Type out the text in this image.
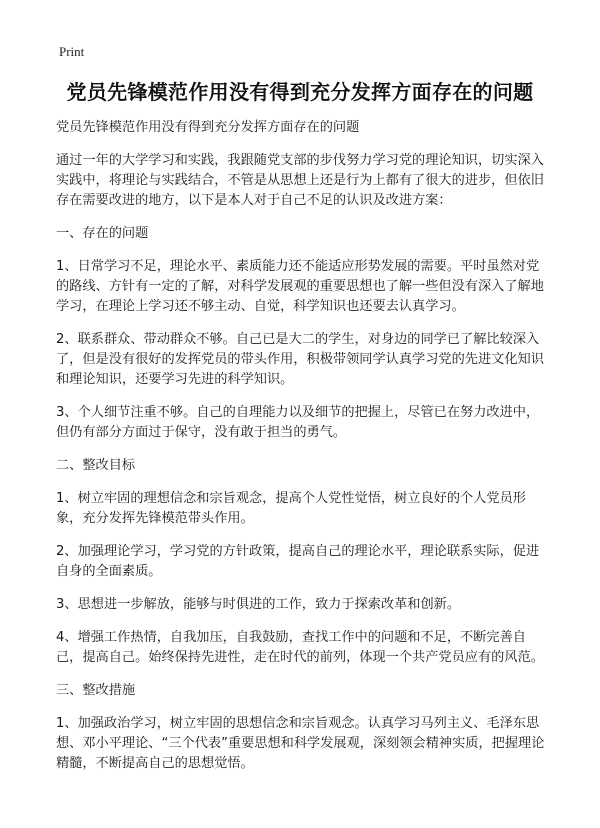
Print
党员先锋模范作用没有得到充分发挥方面存在的问题

党员先锋模范作用没有得到充分发挥方面存在的问题

通过一年的大学学习和实践，我跟随党支部的步伐努力学习党的理论知识，切实深入实践中，将理论与实践结合，不管是从思想上还是行为上都有了很大的进步，但依旧存在需要改进的地方，以下是本人对于自己不足的认识及改进方案：

一、存在的问题

1、日常学习不足，理论水平、素质能力还不能适应形势发展的需要。平时虽然对党的路线、方针有一定的了解，对科学发展观的重要思想也了解一些但没有深入了解地学习，在理论上学习还不够主动、自觉，科学知识也还要去认真学习。

2、联系群众、带动群众不够。自己已是大二的学生，对身边的同学已了解比较深入了，但是没有很好的发挥党员的带头作用，积极带领同学认真学习党的先进文化知识和理论知识，还要学习先进的科学知识。

3、个人细节注重不够。自己的自理能力以及细节的把握上，尽管已在努力改进中，但仍有部分方面过于保守，没有敢于担当的勇气。

二、整改目标

1、树立牢固的理想信念和宗旨观念，提高个人党性觉悟，树立良好的个人党员形象，充分发挥先锋模范带头作用。

2、加强理论学习，学习党的方针政策，提高自己的理论水平，理论联系实际，促进自身的全面素质。

3、思想进一步解放，能够与时俱进的工作，致力于探索改革和创新。

4、增强工作热情，自我加压，自我鼓励，查找工作中的问题和不足，不断完善自己，提高自己。始终保持先进性，走在时代的前列，体现一个共产党员应有的风范。

三、整改措施

1、加强政治学习，树立牢固的思想信念和宗旨观念。认真学习马列主义、毛泽东思想、邓小平理论、“三个代表”重要思想和科学发展观，深刻领会精神实质，把握理论精髓，不断提高自己的思想觉悟。
